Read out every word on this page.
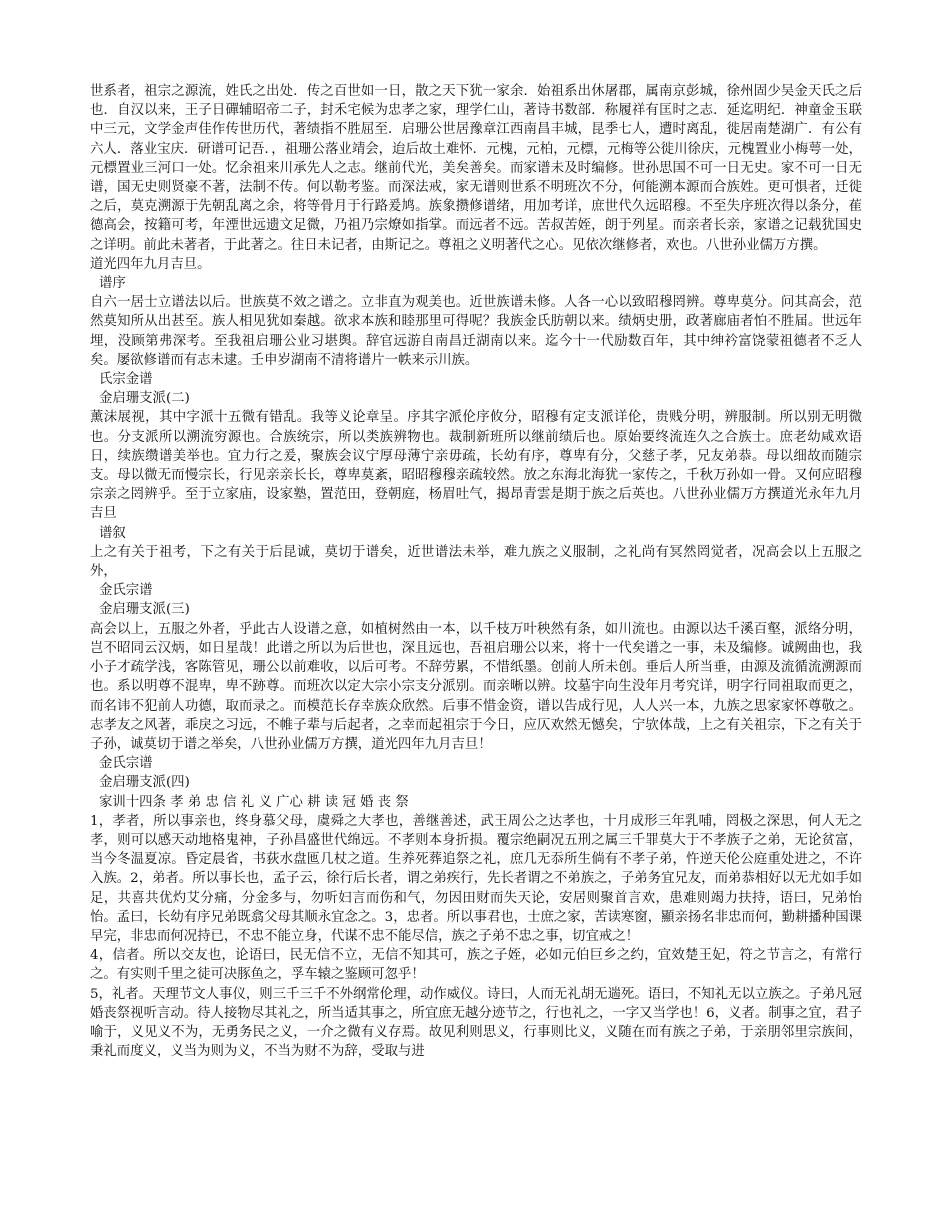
世系者，祖宗之源流，姓氏之出处．传之百世如一日，散之天下犹一家余．始祖系出休屠郡，属南京彭城，徐州固少吴金天氏之后也．自汉以来，王子日磾辅昭帝二子，封禾宅候为忠孝之家，理学仁山，著诗书数部．称履祥有匡时之志．延迄明纪．神童金玉联中三元，文学金声佳作传世历代，著绩指不胜屈至．启珊公世居豫章江西南昌丰城，昆季七人，遭时离乱，徙居南楚湖广．有公有六人．落业宝庆．研谱可记吾．，祖珊公落业靖会，迨后故土难怀．元槐，元柏，元標，元梅等公徙川徐庆，元槐置业小梅萼一处，元標置业三河口一处。忆余祖来川承先人之志。继前代光，美矣善矣。而家谱未及时编修。世孙思国不可一日无史。家不可一日无谱，国无史则贤豪不著，法制不传。何以勒考鉴。而深法戒，家无谱则世系不明班次不分，何能溯本源而合族姓。更可惧者，迁徙之后，莫克溯源于先朝乱离之余，将等骨月于行路爰鸠。族象攒修谱绪，用加考详，庶世代久远昭穆。不至失序班次得以条分，萑德高会，按籍可考，年湮世远遗文足微，乃祖乃宗燎如指掌。而远者不远。苦叔苦姪，朗于列星。而亲者长亲，家谱之记载犹国史之详明。前此未著者，于此著之。往日未记者，由斯记之。尊祖之义明著代之心。见依次继修者，欢也。八世孙业儒万方撰。

道光四年九月吉旦。

谱序

自六一居士立谱法以后。世族莫不效之谱之。立非直为观美也。近世族谱未修。人各一心以致昭穆罔辨。尊卑莫分。问其高会，范然莫知所从出甚至。族人相见犹如秦越。欲求本族和睦那里可得呢？我族金氏肪朝以来。绩炳史册，政著廊庙者怕不胜届。世远年埋，没顾第弗深考。至我祖启珊公业习堪舆。辞官远游自南昌迁湖南以来。迄今十一代励数百年，其中绅衿富饶蒙祖德者不乏人矣。屡欲修谱而有志未逮。壬申岁湖南不清将谱片一帙来示川族。

氏宗金谱

金启珊支派(二)

薰沫展视，其中字派十五微有错乱。我等义论章呈。序其字派伦序攸分，昭穆有定支派详伦，贵贱分明，辨服制。所以别无明微也。分支派所以溯流穷源也。合族统宗，所以类族辨物也。裁制新班所以继前绩后也。原始要终流连久之合族士。庶老幼咸欢语日，续族缵谱美举也。宜力行之爰，聚族会议宁厚母薄宁亲毋疏，长幼有序，尊卑有分，父慈子孝，兄友弟恭。母以细故而随宗支。母以微无而慢宗长，行见亲亲长长，尊卑莫紊，昭昭穆穆亲疏较然。放之东海北海犹一家传之，千秋万孙如一骨。又何应昭穆宗亲之罔辨乎。至于立家庙，设家塾，置范田，登朝庭，杨眉吐气，揭昂青雲是期于族之后英也。八世孙业儒万方撰道光永年九月吉旦

谱叙

上之有关于祖考，下之有关于后昆诚，莫切于谱矣，近世谱法未举，难九族之义服制，之礼尚有冥然罔觉者，况高会以上五服之外，

金氏宗谱

金启珊支派(三)

高会以上，五服之外者，乎此古人设谱之意，如植树然由一本，以千枝万叶秧然有条，如川流也。由源以达千溪百壑，派络分明，岂不昭同云汉炳，如日星哉！此谱之所以为后世也，深且远也，吾祖启珊公以来，将十一代矣谱之一事，未及编修。诚阙曲也，我小子才疏学浅，客陈管见，珊公以前难收，以后可考。不辞劳累，不惜纸墨。创前人所未创。垂后人所当垂，由源及流循流溯源而也。系以明尊不混卑，卑不跡尊。而班次以定大宗小宗支分派别。而亲晰以辨。坟墓宇向生没年月考究详，明字行同祖取而更之，而名讳不犯前人功德，取而录之。而模范长存幸族众欣然。后事不惜金资，谱以告成行见，人人兴一本，九族之思家家怀尊敬之。志孝友之风著，乖戾之习远，不帷子辈与后起者，之幸而起祖宗于今日，应仄欢然无憾矣，宁欤体哉，上之有关祖宗，下之有关于子孙，诚莫切于谱之举矣，八世孙业儒万方撰，道光四年九月吉旦！

金氏宗谱

金启珊支派(四)

家训十四条 孝 弟 忠 信 礼 义 广心 耕 读 冠 婚 丧 祭

1，孝者，所以事亲也，终身慕父母，虞舜之大孝也，善继善述，武王周公之达孝也，十月成形三年乳哺，罔极之深思，何人无之孝，则可以感天动地格鬼神，子孙昌盛世代绵远。不孝则本身折损。覆宗绝嗣况五刑之属三千罪莫大于不孝族子之弟，无论贫富，当今冬温夏凉。昏定晨省，书荻水盘匜几杖之道。生养死葬追祭之礼，庶几无忝所生倘有不孝子弟，忤逆天伦公庭重处进之，不许入族。2，弟者。所以事长也，孟子云，徐行后长者，谓之弟疾行，先长者谓之不弟族之，子弟务宜兄友，而弟恭相好以无尤如手如足，共喜共优灼艾分痛，分金多与，勿听妇言而伤和气，勿因田财而失天论，安居则聚首言欢，患难则竭力扶持，语曰，兄弟怡怡。孟曰，长幼有序兄弟既翕父母其顺永宜念之。3，忠者。所以事君也，士庶之家，苦读寒窗，顯亲扬名非忠而何，勤耕播种国课早完，非忠而何况持已，不忠不能立身，代谋不忠不能尽信，族之子弟不忠之事，切宜戒之！

4，信者。所以交友也，论语曰，民无信不立，无信不知其可，族之子姪，必如元伯巨乡之约，宜效楚王妃，符之节言之，有常行之。有实则千里之徒可决豚鱼之，孚车辕之鉴顾可忽乎！

5，礼者。天理节文人事仪，则三千三千不外纲常伦理，动作威仪。诗曰，人而无礼胡无遄死。语曰，不知礼无以立族之。子弟凡冠婚丧祭视听言动。待人接物尽其礼之，所当适其事之，所宜庶无越分迹节之，行也礼之，一字又当学也！6，义者。制事之宜，君子喻于，义见义不为，无勇务民之义，一介之微有义存焉。故见利则思义，行事则比义，义随在而有族之子弟，于亲朋邻里宗族间，秉礼而度义，义当为则为义，不当为财不为辞，受取与进
